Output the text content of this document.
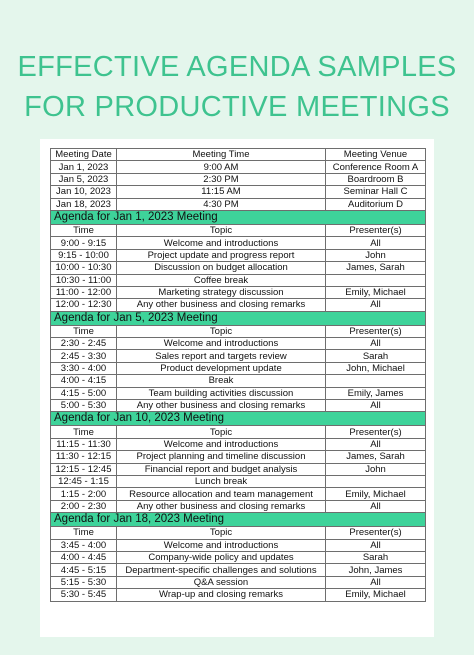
EFFECTIVE AGENDA SAMPLES
FOR PRODUCTIVE MEETINGS
Meeting Date	Meeting Time	Meeting Venue
Jan 1, 2023	9:00 AM	Conference Room A
Jan 5, 2023	2:30 PM	Boardroom B
Jan 10, 2023	11:15 AM	Seminar Hall C
Jan 18, 2023	4:30 PM	Auditorium D
Agenda for Jan 1, 2023 Meeting		
Time	Topic	Presenter(s)
9:00 - 9:15	Welcome and introductions	All
9:15 - 10:00	Project update and progress report	John
10:00 - 10:30	Discussion on budget allocation	James, Sarah
10:30 - 11:00	Coffee break	
11:00 - 12:00	Marketing strategy discussion	Emily, Michael
12:00 - 12:30	Any other business and closing remarks	All
Agenda for Jan 5, 2023 Meeting		
Time	Topic	Presenter(s)
2:30 - 2:45	Welcome and introductions	All
2:45 - 3:30	Sales report and targets review	Sarah
3:30 - 4:00	Product development update	John, Michael
4:00 - 4:15	Break	
4:15 - 5:00	Team building activities discussion	Emily, James
5:00 - 5:30	Any other business and closing remarks	All
Agenda for Jan 10, 2023 Meeting		
Time	Topic	Presenter(s)
11:15 - 11:30	Welcome and introductions	All
11:30 - 12:15	Project planning and timeline discussion	James, Sarah
12:15 - 12:45	Financial report and budget analysis	John
12:45 - 1:15	Lunch break	
1:15 - 2:00	Resource allocation and team management	Emily, Michael
2:00 - 2:30	Any other business and closing remarks	All
Agenda for Jan 18, 2023 Meeting		
Time	Topic	Presenter(s)
3:45 - 4:00	Welcome and introductions	All
4:00 - 4:45	Company-wide policy and updates	Sarah
4:45 - 5:15	Department-specific challenges and solutions	John, James
5:15 - 5:30	Q&A session	All
5:30 - 5:45	Wrap-up and closing remarks	Emily, Michael
